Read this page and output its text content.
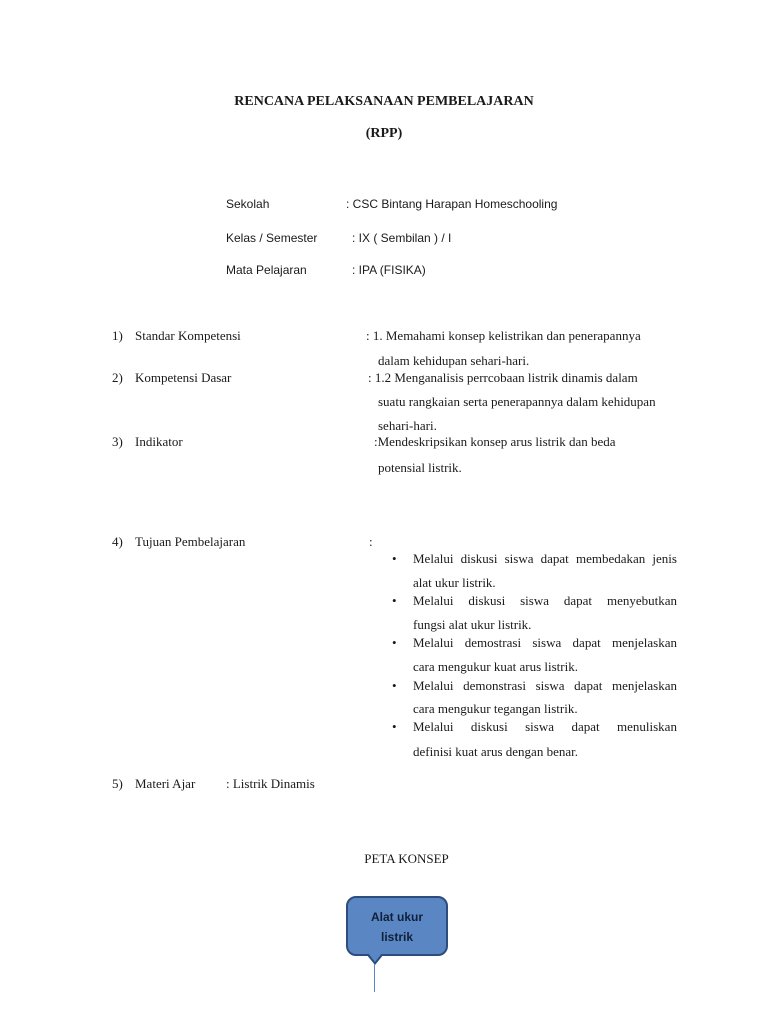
RENCANA PELAKSANAAN PEMBELAJARAN
(RPP)
Sekolah	: CSC Bintang Harapan Homeschooling
Kelas / Semester	: IX ( Sembilan ) / I
Mata Pelajaran	: IPA (FISIKA)
1) Standar Kompetensi	: 1. Memahami konsep kelistrikan dan penerapannya
dalam kehidupan sehari-hari.
2) Kompetensi Dasar	: 1.2 Menganalisis perrcobaan listrik dinamis dalam
suatu rangkaian serta penerapannya dalam kehidupan
sehari-hari.
3) Indikator	:Mendeskripsikan konsep arus listrik dan beda
potensial listrik.
4) Tujuan Pembelajaran	:
• Melalui diskusi siswa dapat membedakan jenis
alat ukur listrik.
• Melalui diskusi siswa dapat menyebutkan
fungsi alat ukur listrik.
• Melalui demostrasi siswa dapat menjelaskan
cara mengukur kuat arus listrik.
• Melalui demonstrasi siswa dapat menjelaskan
cara mengukur tegangan listrik.
• Melalui diskusi siswa dapat menuliskan
definisi kuat arus dengan benar.
5) Materi Ajar : Listrik Dinamis
PETA KONSEP
Alat ukur
listrik
